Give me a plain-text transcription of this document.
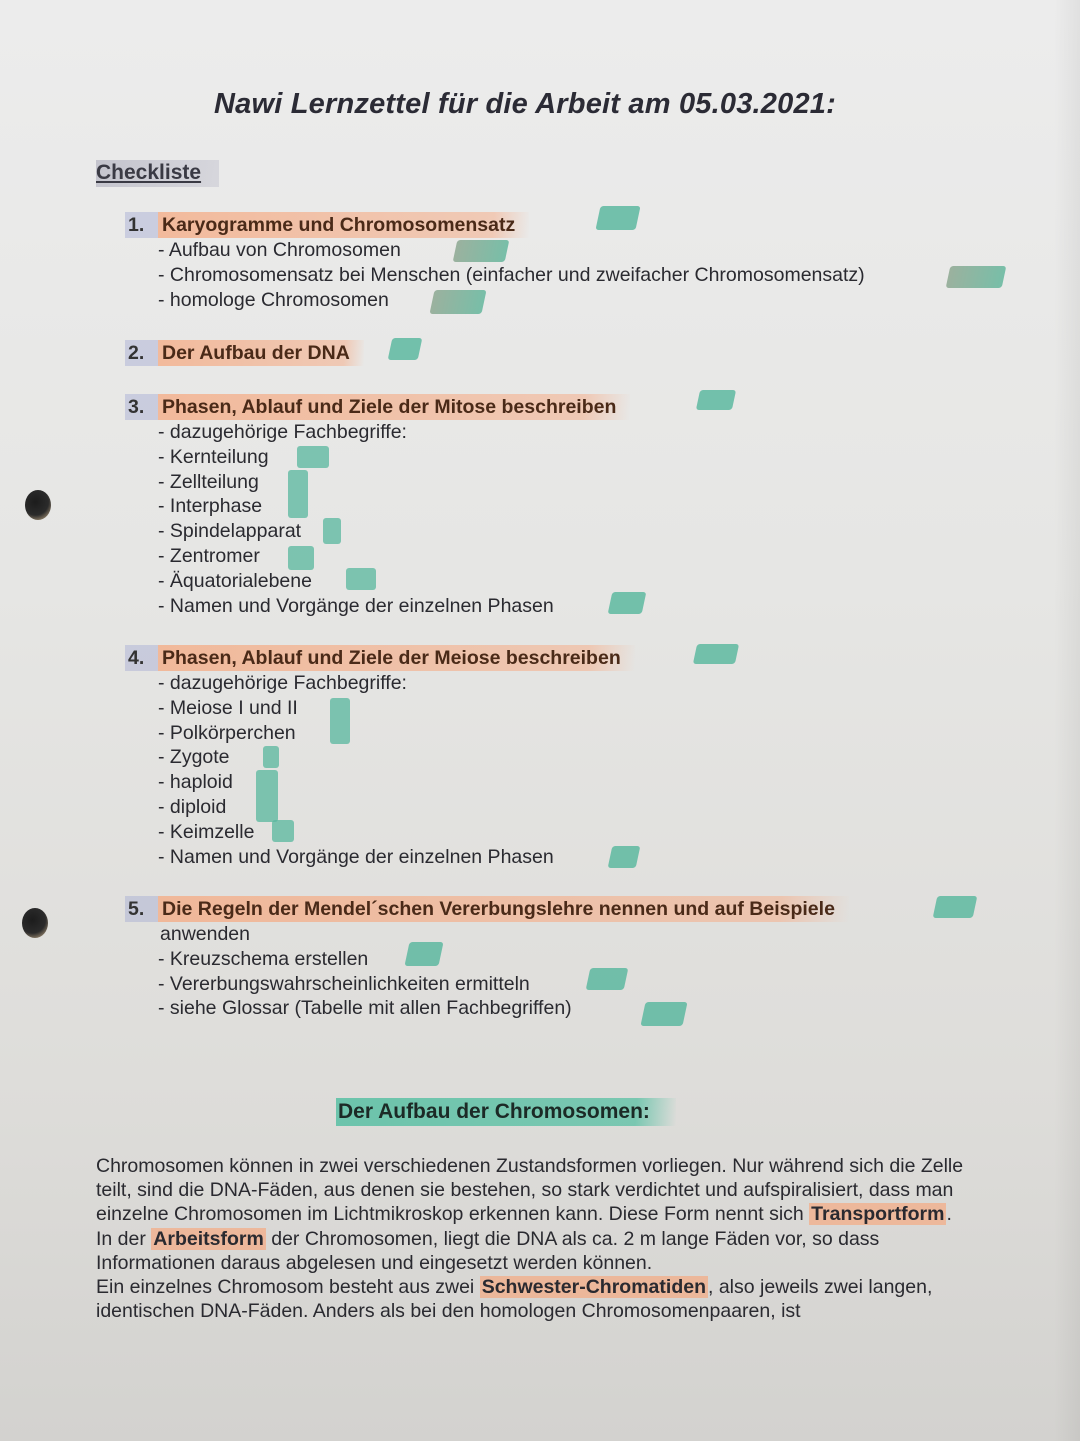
Nawi Lernzettel für die Arbeit am 05.03.2021:
Checkliste
1. Karyogramme und Chromosomensatz
- Aufbau von Chromosomen
- Chromosomensatz bei Menschen (einfacher und zweifacher Chromosomensatz)
- homologe Chromosomen
2. Der Aufbau der DNA
3. Phasen, Ablauf und Ziele der Mitose beschreiben
- dazugehörige Fachbegriffe:
- Kernteilung
- Zellteilung
- Interphase
- Spindelapparat
- Zentromer
- Äquatorialebene
- Namen und Vorgänge der einzelnen Phasen
4. Phasen, Ablauf und Ziele der Meiose beschreiben
- dazugehörige Fachbegriffe:
- Meiose I und II
- Polkörperchen
- Zygote
- haploid
- diploid
- Keimzelle
- Namen und Vorgänge der einzelnen Phasen
5. Die Regeln der Mendel´schen Vererbungslehre nennen und auf Beispiele
anwenden
- Kreuzschema erstellen
- Vererbungswahrscheinlichkeiten ermitteln
- siehe Glossar (Tabelle mit allen Fachbegriffen)
Der Aufbau der Chromosomen:
Chromosomen können in zwei verschiedenen Zustandsformen vorliegen. Nur während sich die Zelle teilt, sind die DNA-Fäden, aus denen sie bestehen, so stark verdichtet und aufspiralisiert, dass man einzelne Chromosomen im Lichtmikroskop erkennen kann. Diese Form nennt sich Transportform . In der Arbeitsform der Chromosomen, liegt die DNA als ca. 2 m lange Fäden vor, so dass Informationen daraus abgelesen und eingesetzt werden können.
Ein einzelnes Chromosom besteht aus zwei Schwester-Chromatiden , also jeweils zwei langen, identischen DNA-Fäden. Anders als bei den homologen Chromosomenpaaren, ist
